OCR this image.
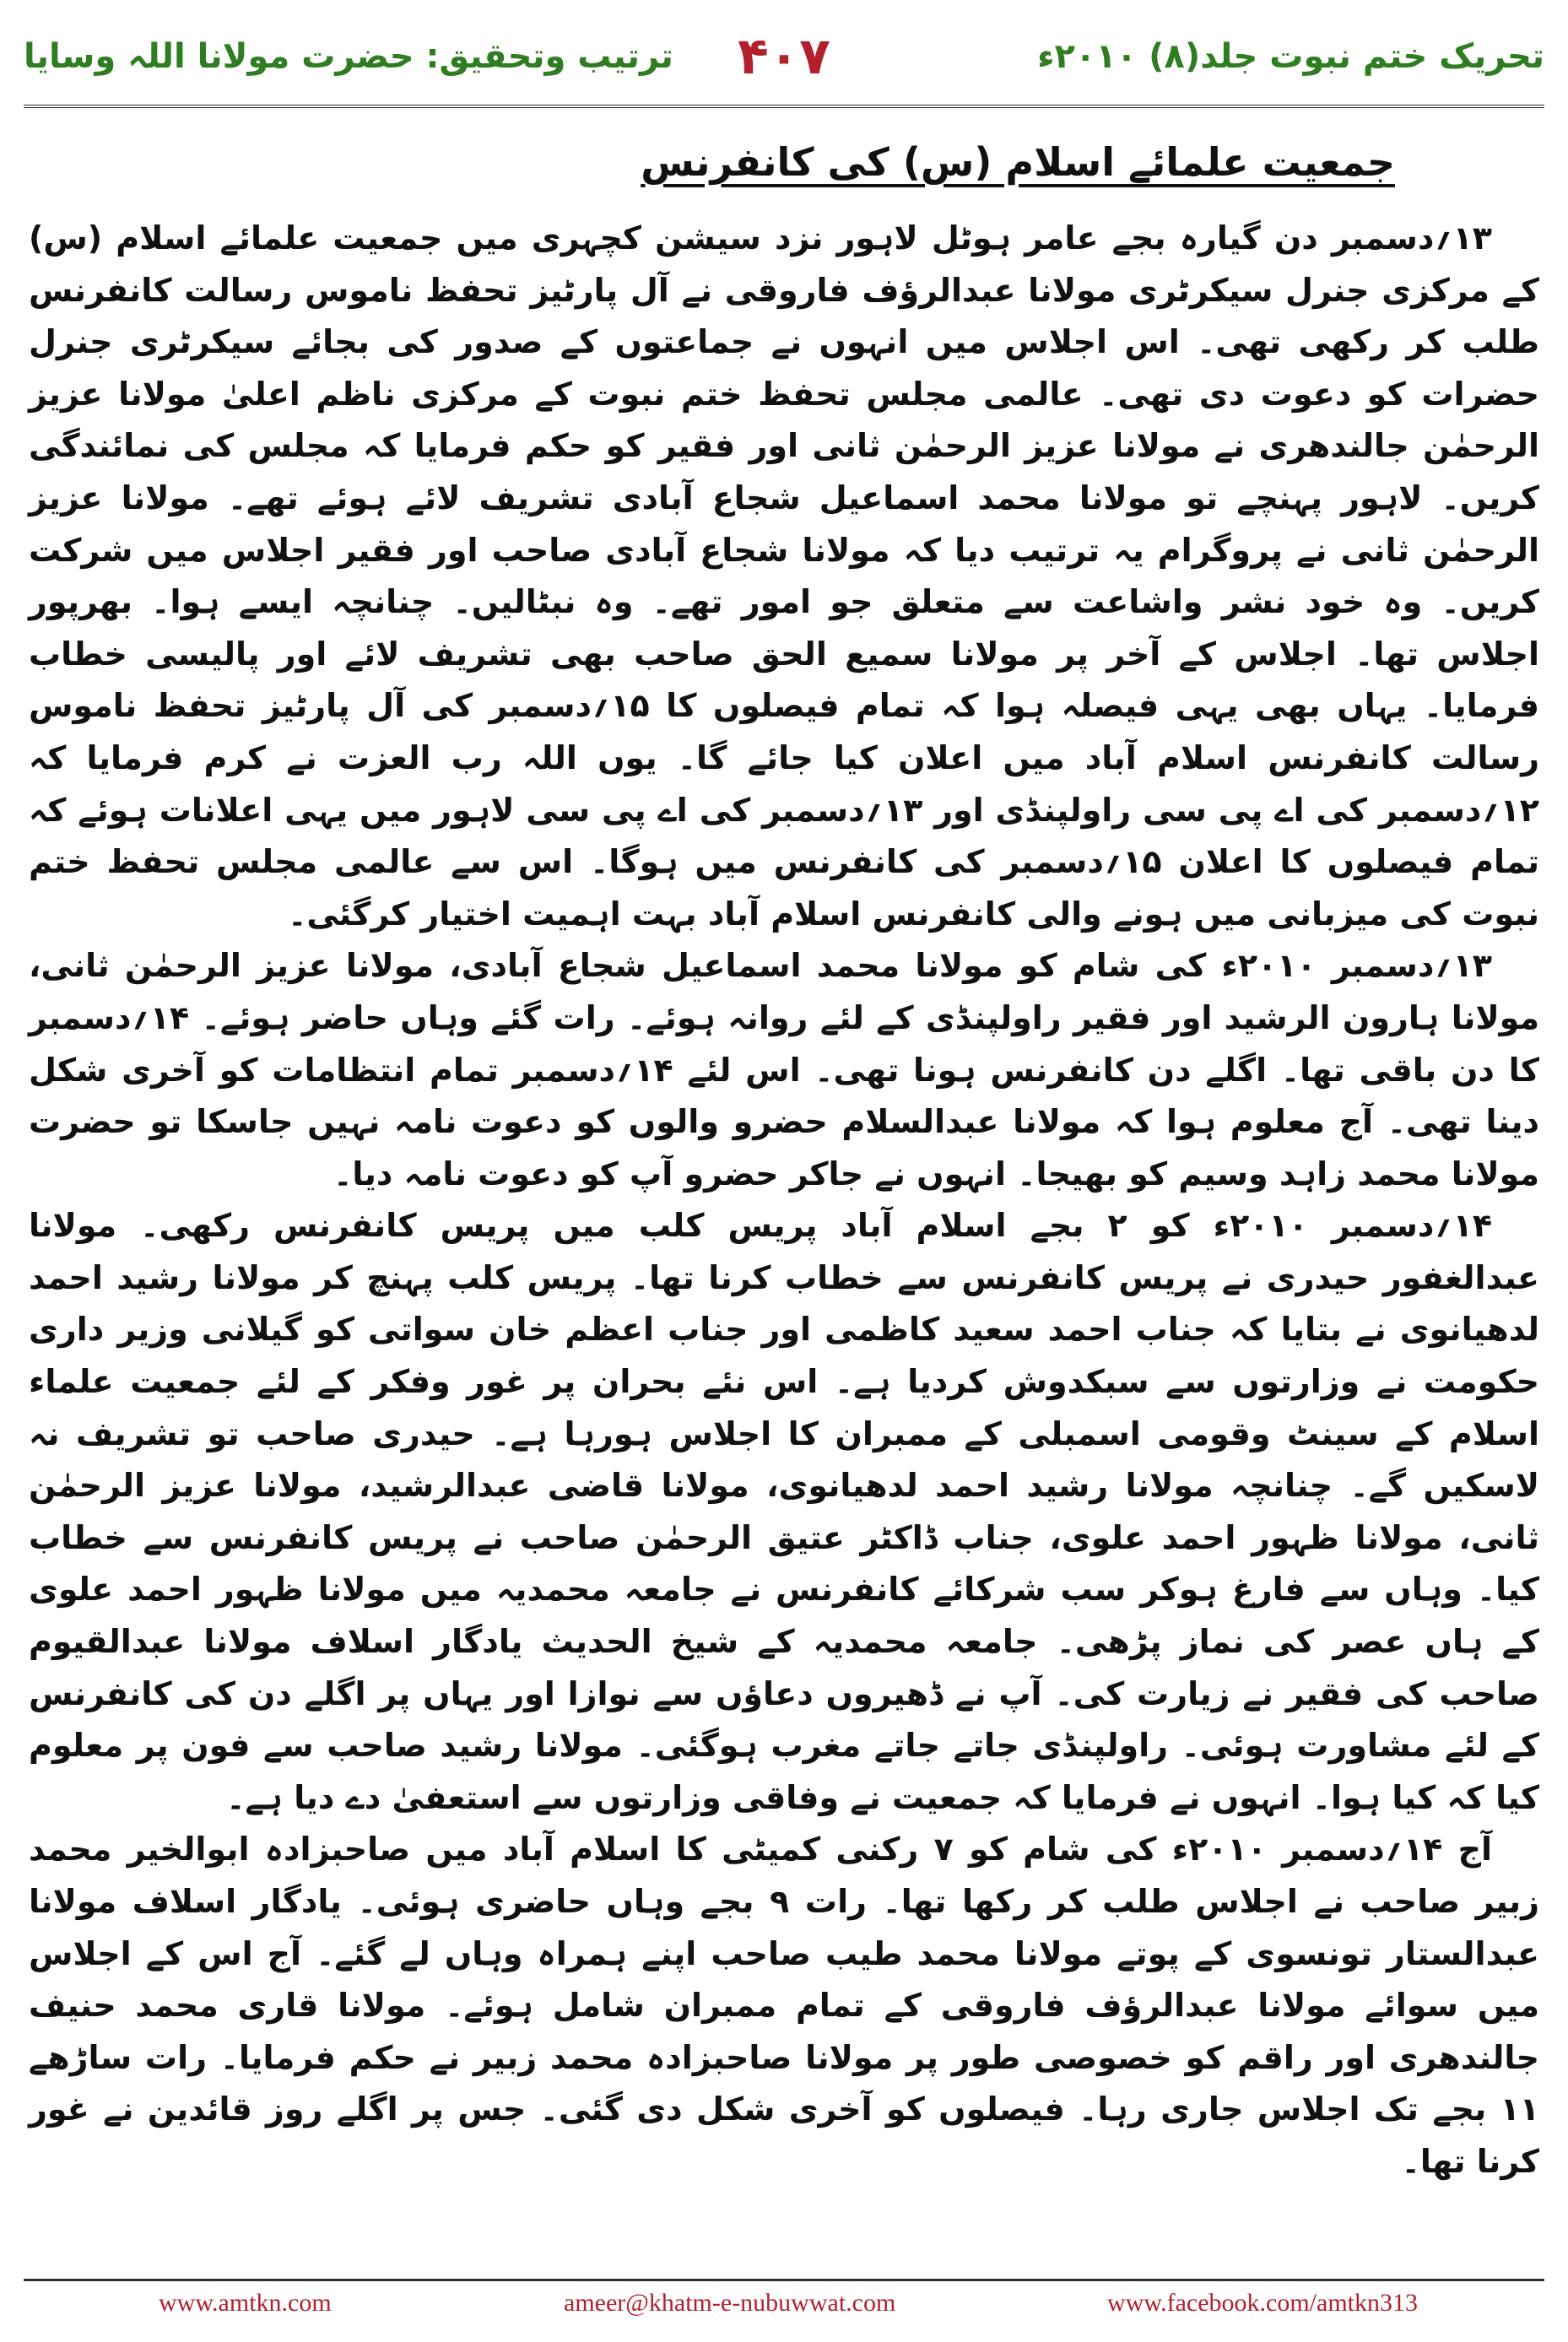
تحریک ختم نبوت جلد(۸) ۲۰۱۰ء
۴۰۷
ترتیب وتحقیق: حضرت مولانا اللہ وسایا
جمعیت علمائے اسلام (س) کی کانفرنس

۱۳؍دسمبر دن گیارہ بجے عامر ہوٹل لاہور نزد سیشن کچہری میں جمعیت علمائے اسلام (س) کے مرکزی جنرل سیکرٹری مولانا عبدالرؤف فاروقی نے آل پارٹیز تحفظ ناموس رسالت کانفرنس طلب کر رکھی تھی۔ اس اجلاس میں انہوں نے جماعتوں کے صدور کی بجائے سیکرٹری جنرل حضرات کو دعوت دی تھی۔ عالمی مجلس تحفظ ختم نبوت کے مرکزی ناظم اعلیٰ مولانا عزیز الرحمٰن جالندھری نے مولانا عزیز الرحمٰن ثانی اور فقیر کو حکم فرمایا کہ مجلس کی نمائندگی کریں۔ لاہور پہنچے تو مولانا محمد اسماعیل شجاع آبادی تشریف لائے ہوئے تھے۔ مولانا عزیز الرحمٰن ثانی نے پروگرام یہ ترتیب دیا کہ مولانا شجاع آبادی صاحب اور فقیر اجلاس میں شرکت کریں۔ وہ خود نشر واشاعت سے متعلق جو امور تھے۔ وہ نبٹالیں۔ چنانچہ ایسے ہوا۔ بھرپور اجلاس تھا۔ اجلاس کے آخر پر مولانا سمیع الحق صاحب بھی تشریف لائے اور پالیسی خطاب فرمایا۔ یہاں بھی یہی فیصلہ ہوا کہ تمام فیصلوں کا ۱۵؍دسمبر کی آل پارٹیز تحفظ ناموس رسالت کانفرنس اسلام آباد میں اعلان کیا جائے گا۔ یوں اللہ رب العزت نے کرم فرمایا کہ ۱۲؍دسمبر کی اے پی سی راولپنڈی اور ۱۳؍دسمبر کی اے پی سی لاہور میں یہی اعلانات ہوئے کہ تمام فیصلوں کا اعلان ۱۵؍دسمبر کی کانفرنس میں ہوگا۔ اس سے عالمی مجلس تحفظ ختم نبوت کی میزبانی میں ہونے والی کانفرنس اسلام آباد بہت اہمیت اختیار کرگئی۔

۱۳؍دسمبر ۲۰۱۰ء کی شام کو مولانا محمد اسماعیل شجاع آبادی، مولانا عزیز الرحمٰن ثانی، مولانا ہارون الرشید اور فقیر راولپنڈی کے لئے روانہ ہوئے۔ رات گئے وہاں حاضر ہوئے۔ ۱۴؍دسمبر کا دن باقی تھا۔ اگلے دن کانفرنس ہونا تھی۔ اس لئے ۱۴؍دسمبر تمام انتظامات کو آخری شکل دینا تھی۔ آج معلوم ہوا کہ مولانا عبدالسلام حضرو والوں کو دعوت نامہ نہیں جاسکا تو حضرت مولانا محمد زاہد وسیم کو بھیجا۔ انہوں نے جاکر حضرو آپ کو دعوت نامہ دیا۔

۱۴؍دسمبر ۲۰۱۰ء کو ۲ بجے اسلام آباد پریس کلب میں پریس کانفرنس رکھی۔ مولانا عبدالغفور حیدری نے پریس کانفرنس سے خطاب کرنا تھا۔ پریس کلب پہنچ کر مولانا رشید احمد لدھیانوی نے بتایا کہ جناب احمد سعید کاظمی اور جناب اعظم خان سواتی کو گیلانی وزیر داری حکومت نے وزارتوں سے سبکدوش کردیا ہے۔ اس نئے بحران پر غور وفکر کے لئے جمعیت علماء اسلام کے سینٹ وقومی اسمبلی کے ممبران کا اجلاس ہورہا ہے۔ حیدری صاحب تو تشریف نہ لاسکیں گے۔ چنانچہ مولانا رشید احمد لدھیانوی، مولانا قاضی عبدالرشید، مولانا عزیز الرحمٰن ثانی، مولانا ظہور احمد علوی، جناب ڈاکٹر عتیق الرحمٰن صاحب نے پریس کانفرنس سے خطاب کیا۔ وہاں سے فارغ ہوکر سب شرکائے کانفرنس نے جامعہ محمدیہ میں مولانا ظہور احمد علوی کے ہاں عصر کی نماز پڑھی۔ جامعہ محمدیہ کے شیخ الحدیث یادگار اسلاف مولانا عبدالقیوم صاحب کی فقیر نے زیارت کی۔ آپ نے ڈھیروں دعاؤں سے نوازا اور یہاں پر اگلے دن کی کانفرنس کے لئے مشاورت ہوئی۔ راولپنڈی جاتے جاتے مغرب ہوگئی۔ مولانا رشید صاحب سے فون پر معلوم کیا کہ کیا ہوا۔ انہوں نے فرمایا کہ جمعیت نے وفاقی وزارتوں سے استعفیٰ دے دیا ہے۔

آج ۱۴؍دسمبر ۲۰۱۰ء کی شام کو ۷ رکنی کمیٹی کا اسلام آباد میں صاحبزادہ ابوالخیر محمد زبیر صاحب نے اجلاس طلب کر رکھا تھا۔ رات ۹ بجے وہاں حاضری ہوئی۔ یادگار اسلاف مولانا عبدالستار تونسوی کے پوتے مولانا محمد طیب صاحب اپنے ہمراہ وہاں لے گئے۔ آج اس کے اجلاس میں سوائے مولانا عبدالرؤف فاروقی کے تمام ممبران شامل ہوئے۔ مولانا قاری محمد حنیف جالندھری اور راقم کو خصوصی طور پر مولانا صاحبزادہ محمد زبیر نے حکم فرمایا۔ رات ساڑھے ۱۱ بجے تک اجلاس جاری رہا۔ فیصلوں کو آخری شکل دی گئی۔ جس پر اگلے روز قائدین نے غور کرنا تھا۔

www.amtkn.com	ameer@khatm-e-nubuwwat.com	www.facebook.com/amtkn313
